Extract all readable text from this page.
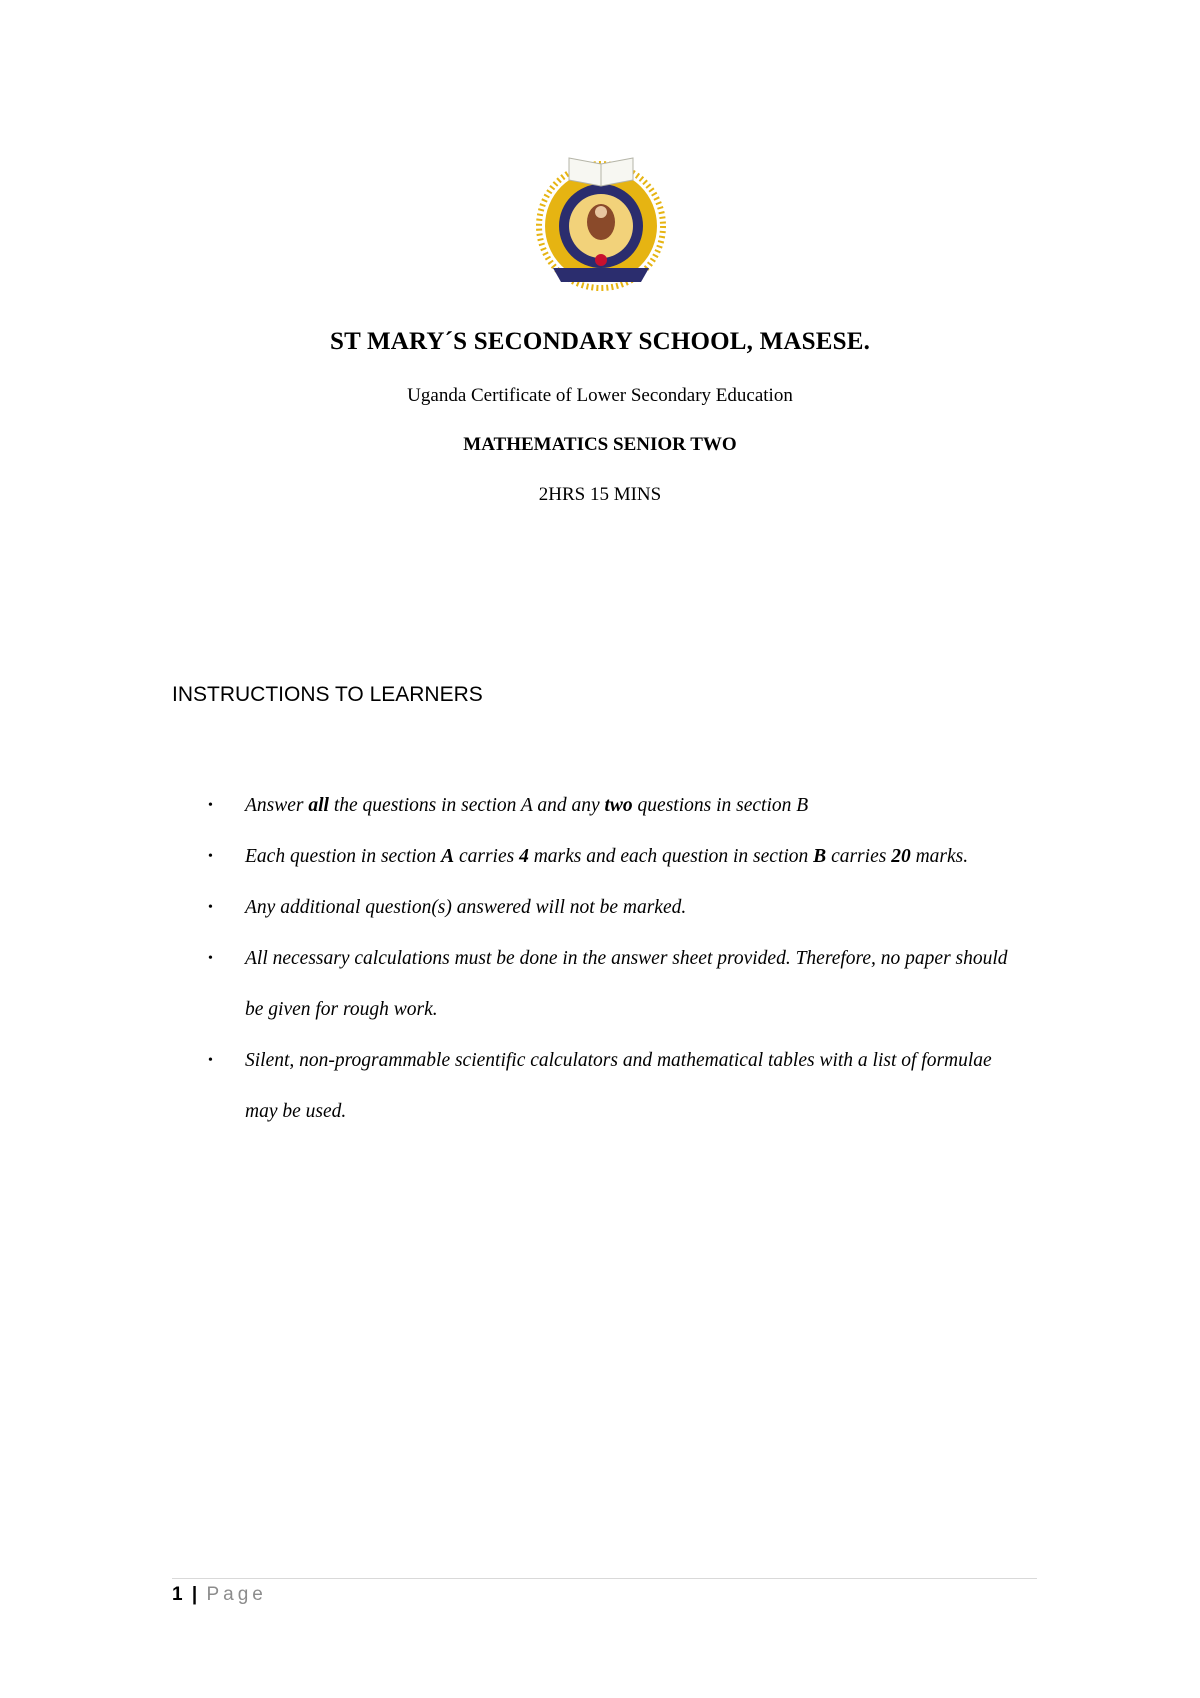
ST MARY´S SECONDARY SCHOOL, MASESE.
Uganda Certificate of Lower Secondary Education
MATHEMATICS SENIOR TWO
2HRS 15 MINS
INSTRUCTIONS TO LEARNERS
• Answer all the questions in section A and any two questions in section B
• Each question in section A carries 4 marks and each question in section B carries 20 marks.
• Any additional question(s) answered will not be marked.
• All necessary calculations must be done in the answer sheet provided. Therefore, no paper should be given for rough work.
• Silent, non-programmable scientific calculators and mathematical tables with a list of formulae may be used.
1 | Page
